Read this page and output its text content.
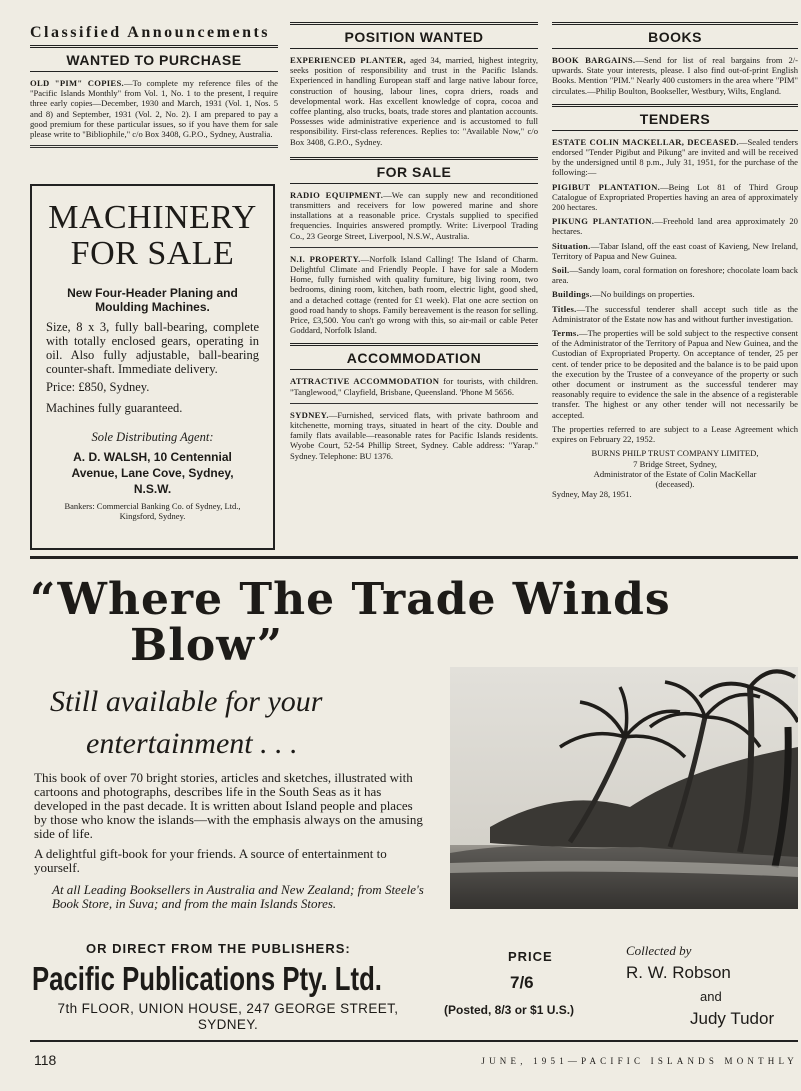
Classified Announcements
WANTED TO PURCHASE

OLD "PIM" COPIES.—To complete my reference files of the "Pacific Islands Monthly" from Vol. 1, No. 1 to the present, I require three early copies—December, 1930 and March, 1931 (Vol. 1, Nos. 5 and 8) and September, 1931 (Vol. 2, No. 2). I am prepared to pay a good premium for these particular issues, so if you have them for sale please write to "Bibliophile," c/o Box 3408, G.P.O., Sydney, Australia.

MACHINERY
FOR SALE
New Four-Header Planing and Moulding Machines.
Size, 8 x 3, fully ball-bearing, complete with totally enclosed gears, operating in oil. Also fully adjustable, ball-bearing counter-shaft. Immediate delivery.
Price: £850, Sydney.
Machines fully guaranteed.
Sole Distributing Agent:
A. D. WALSH, 10 Centennial
Avenue, Lane Cove, Sydney,
N.S.W.
Bankers: Commercial Banking Co. of Sydney, Ltd., Kingsford, Sydney.
POSITION WANTED

EXPERIENCED PLANTER, aged 34, married, highest integrity, seeks position of responsibility and trust in the Pacific Islands. Experienced in handling European staff and large native labour force, construction of housing, labour lines, copra driers, roads and developmental work. Has excellent knowledge of copra, cocoa and coffee planting, also trucks, boats, trade stores and plantation accounts. Possesses wide administrative experience and is accustomed to full responsibility. First-class references. Replies to: "Available Now," c/o Box 3408, G.P.O., Sydney.

FOR SALE

RADIO EQUIPMENT.—We can supply new and reconditioned transmitters and receivers for low powered marine and shore installations at a reasonable price. Crystals supplied to specified frequencies. Inquiries answered promptly. Write: Liverpool Trading Co., 23 George Street, Liverpool, N.S.W., Australia.

N.I. PROPERTY.—Norfolk Island Calling! The Island of Charm. Delightful Climate and Friendly People. I have for sale a Modern Home, fully furnished with quality furniture, big living room, two bedrooms, dining room, kitchen, bath room, electric light, good shed, and a detached cottage (rented for £1 week). Flat one acre section on good road handy to shops. Family bereavement is the reason for selling. Price, £3,500. You can't go wrong with this, so air-mail or cable Peter Goddard, Norfolk Island.

ACCOMMODATION

ATTRACTIVE ACCOMMODATION for tourists, with children. "Tanglewood," Clayfield, Brisbane, Queensland. 'Phone M 5656.

SYDNEY.—Furnished, serviced flats, with private bathroom and kitchenette, morning trays, situated in heart of the city. Double and family flats available—reasonable rates for Pacific Islands residents. Wyobe Court, 52-54 Phillip Street, Sydney. Cable address: "Yarap." Sydney. Telephone: BU 1376.

BOOKS

BOOK BARGAINS.—Send for list of real bargains from 2/- upwards. State your interests, please. I also find out-of-print English Books. Mention "PIM." Nearly 400 customers in the area where "PIM" circulates.—Philip Boulton, Bookseller, Westbury, Wilts, England.

TENDERS

ESTATE COLIN MACKELLAR, DECEASED.—Sealed tenders endorsed "Tender Pigibut and Pikung" are invited and will be received by the undersigned until 8 p.m., July 31, 1951, for the purchase of the following:—

PIGIBUT PLANTATION.—Being Lot 81 of Third Group Catalogue of Expropriated Properties having an area of approximately 200 hectares.

PIKUNG PLANTATION.—Freehold land area approximately 20 hectares.

Situation.—Tabar Island, off the east coast of Kavieng, New Ireland, Territory of Papua and New Guinea.

Soil.—Sandy loam, coral formation on foreshore; chocolate loam back area.

Buildings.—No buildings on properties.

Titles.—The successful tenderer shall accept such title as the Administrator of the Estate now has and without further investigation.

Terms.—The properties will be sold subject to the respective consent of the Administrator of the Territory of Papua and New Guinea, and the Custodian of Expropriated Property. On acceptance of tender, 25 per cent. of tender price to be deposited and the balance is to be paid upon the execution by the Trustee of a conveyance of the property or such other document or instrument as the successful tenderer may reasonably require to evidence the sale in the absence of a registerable transfer. The highest or any other tender will not necessarily be accepted.

The properties referred to are subject to a Lease Agreement which expires on February 22, 1952.

BURNS PHILP TRUST COMPANY LIMITED,
7 Bridge Street, Sydney,
Administrator of the Estate of Colin MacKellar
(deceased).

Sydney, May 28, 1951.

“Where The Trade Winds
Blow”
Still available for your
entertainment . . .

This book of over 70 bright stories, articles and sketches, illustrated with cartoons and photographs, describes life in the South Seas as it has developed in the past decade. It is written about Island people and places by those who know the islands—with the emphasis always on the amusing side of life.

A delightful gift-book for your friends. A source of entertainment to yourself.

At all Leading Booksellers in Australia and New Zealand; from Steele's Book Store, in Suva; and from the main Islands Stores.

OR DIRECT FROM THE PUBLISHERS:
Pacific Publications Pty. Ltd.
7th FLOOR, UNION HOUSE, 247 GEORGE STREET, SYDNEY.
PRICE
7/6
(Posted, 8/3 or $1 U.S.)
Collected by
R. W. Robson
and
Judy Tudor
118	JUNE, 1951—PACIFIC ISLANDS MONTHLY
